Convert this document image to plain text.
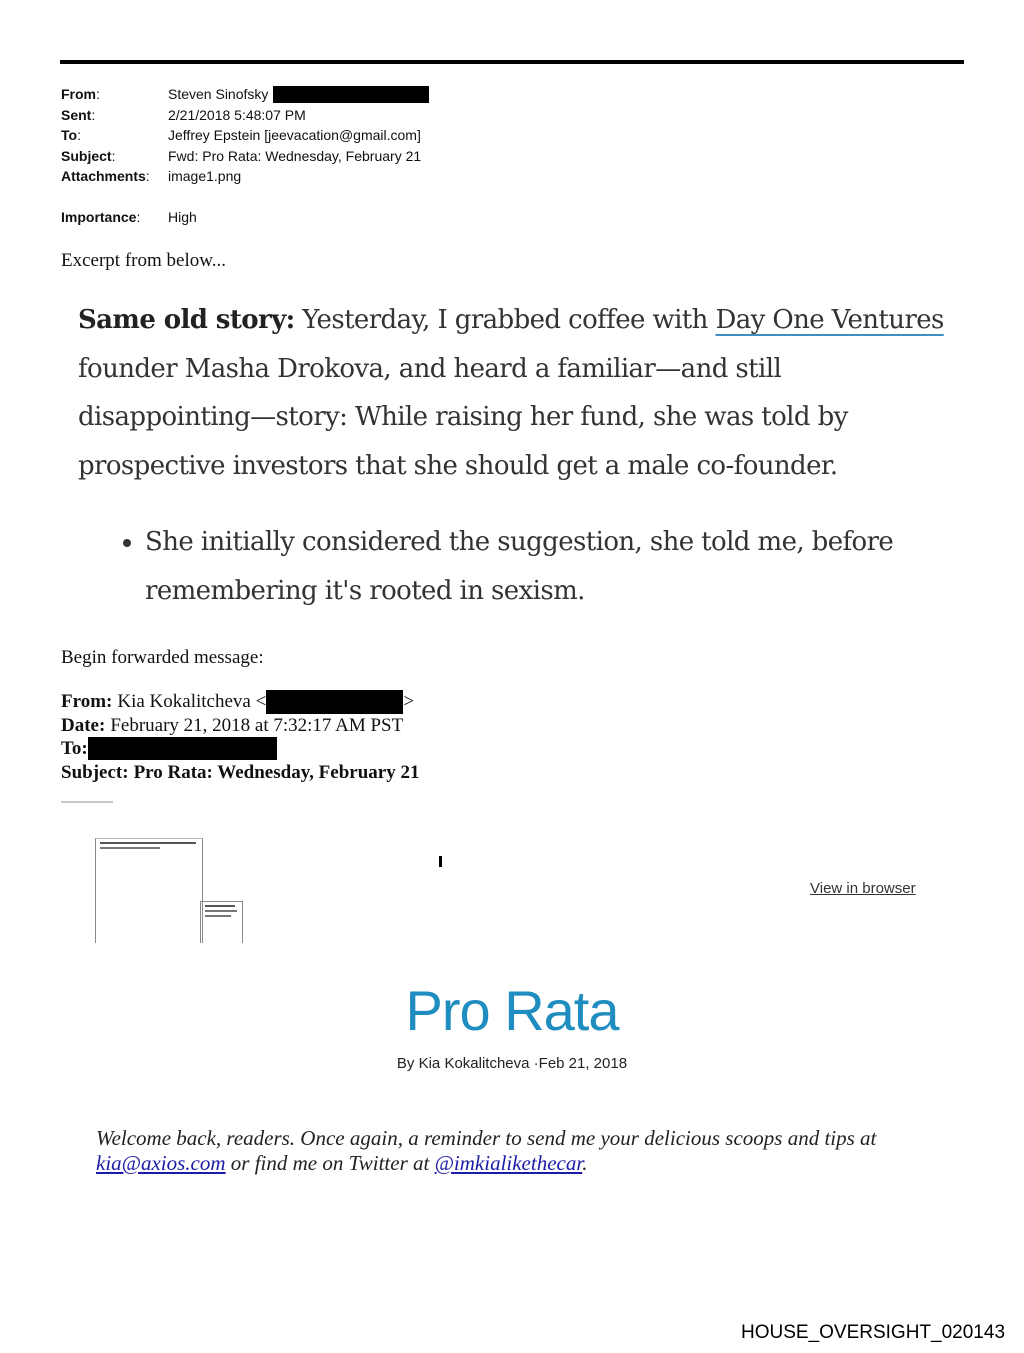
From:	Steven Sinofsky
Sent:	2/21/2018 5:48:07 PM
To:	Jeffrey Epstein [jeevacation@gmail.com]
Subject:	Fwd: Pro Rata: Wednesday, February 21
Attachments:	image1.png
Importance:	High
Excerpt from below...

Same old story: Yesterday, I grabbed coffee with Day One Ventures founder Masha Drokova, and heard a familiar—and still disappointing—story: While raising her fund, she was told by prospective investors that she should get a male co-founder.

• She initially considered the suggestion, she told me, before remembering it's rooted in sexism.
Begin forwarded message:
From: Kia Kokalitcheva <	>
Date: February 21, 2018 at 7:32:17 AM PST
To:
Subject: Pro Rata: Wednesday, February 21
View in browser
Pro Rata
By Kia Kokalitcheva ·Feb 21, 2018
Welcome back, readers. Once again, a reminder to send me your delicious scoops and tips at kia@axios.com or find me on Twitter at @imkialikethecar.
HOUSE_OVERSIGHT_020143
